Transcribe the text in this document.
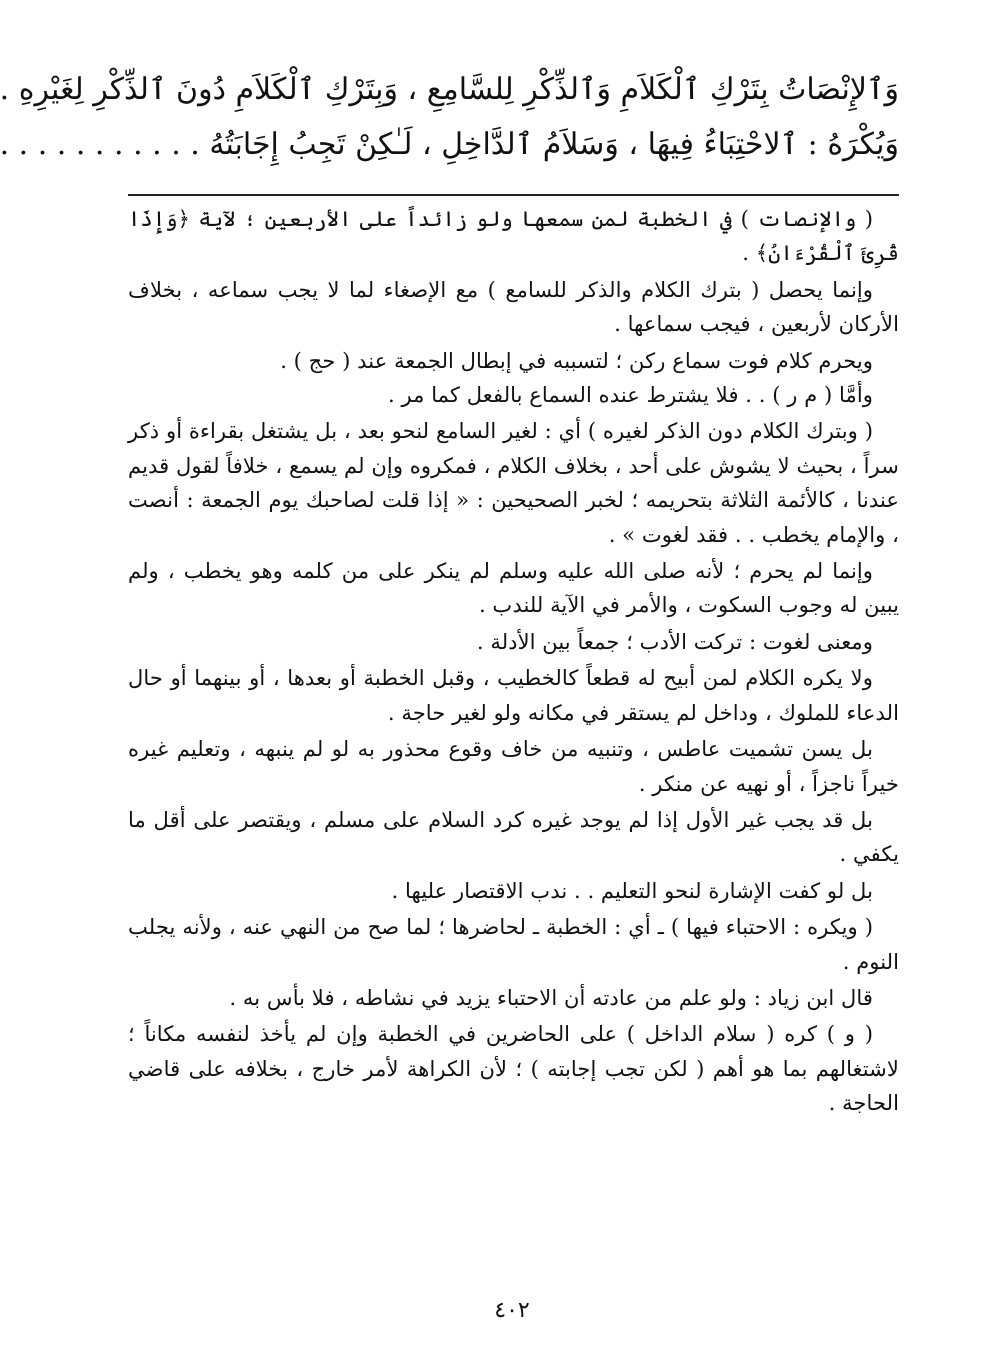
وَٱلإِنْصَاتُ بِتَرْكِ ٱلْكَلاَمِ وَٱلذِّكْرِ لِلسَّامِعِ ، وَبِتَرْكِ ٱلْكَلاَمِ دُونَ ٱلذِّكْرِ لِغَيْرِهِ .

وَيُكْرَهُ : ٱلاحْتِبَاءُ فِيهَا ، وَسَلاَمُ ٱلدَّاخِلِ ، لَـٰكِنْ تَجِبُ إِجَابَتُهُ . . . . . . . . . . .

( والإنصات ) في الخطبة لمن سمعها ولو زائداً على الأربعين ؛ لآية ﴿وَإِذَا قُرِئَ ٱلْقُرْءَانُ﴾ .

وإنما يحصل ( بترك الكلام والذكر للسامع ) مع الإصغاء لما لا يجب سماعه ، بخلاف الأركان لأربعين ، فيجب سماعها .

ويحرم كلام فوت سماع ركن ؛ لتسببه في إبطال الجمعة عند ( حج ) .

وأمَّا ( م ر ) . . فلا يشترط عنده السماع بالفعل كما مر .

( وبترك الكلام دون الذكر لغيره ) أي : لغير السامع لنحو بعد ، بل يشتغل بقراءة أو ذكر سراً ، بحيث لا يشوش على أحد ، بخلاف الكلام ، فمكروه وإن لم يسمع ، خلافاً لقول قديم عندنا ، كالأئمة الثلاثة بتحريمه ؛ لخبر الصحيحين : « إذا قلت لصاحبك يوم الجمعة : أنصت ، والإمام يخطب . . فقد لغوت » .

وإنما لم يحرم ؛ لأنه صلى الله عليه وسلم لم ينكر على من كلمه وهو يخطب ، ولم يبين له وجوب السكوت ، والأمر في الآية للندب .

ومعنى لغوت : تركت الأدب ؛ جمعاً بين الأدلة .

ولا يكره الكلام لمن أبيح له قطعاً كالخطيب ، وقبل الخطبة أو بعدها ، أو بينهما أو حال الدعاء للملوك ، وداخل لم يستقر في مكانه ولو لغير حاجة .

بل يسن تشميت عاطس ، وتنبيه من خاف وقوع محذور به لو لم ينبهه ، وتعليم غيره خيراً ناجزاً ، أو نهيه عن منكر .

بل قد يجب غير الأول إذا لم يوجد غيره كرد السلام على مسلم ، ويقتصر على أقل ما يكفي .

بل لو كفت الإشارة لنحو التعليم . . ندب الاقتصار عليها .

( ويكره : الاحتباء فيها ) ـ أي : الخطبة ـ لحاضرها ؛ لما صح من النهي عنه ، ولأنه يجلب النوم .

قال ابن زياد : ولو علم من عادته أن الاحتباء يزيد في نشاطه ، فلا بأس به .

( و ) كره ( سلام الداخل ) على الحاضرين في الخطبة وإن لم يأخذ لنفسه مكاناً ؛ لاشتغالهم بما هو أهم ( لكن تجب إجابته ) ؛ لأن الكراهة لأمر خارج ، بخلافه على قاضي الحاجة .

٤٠٢
